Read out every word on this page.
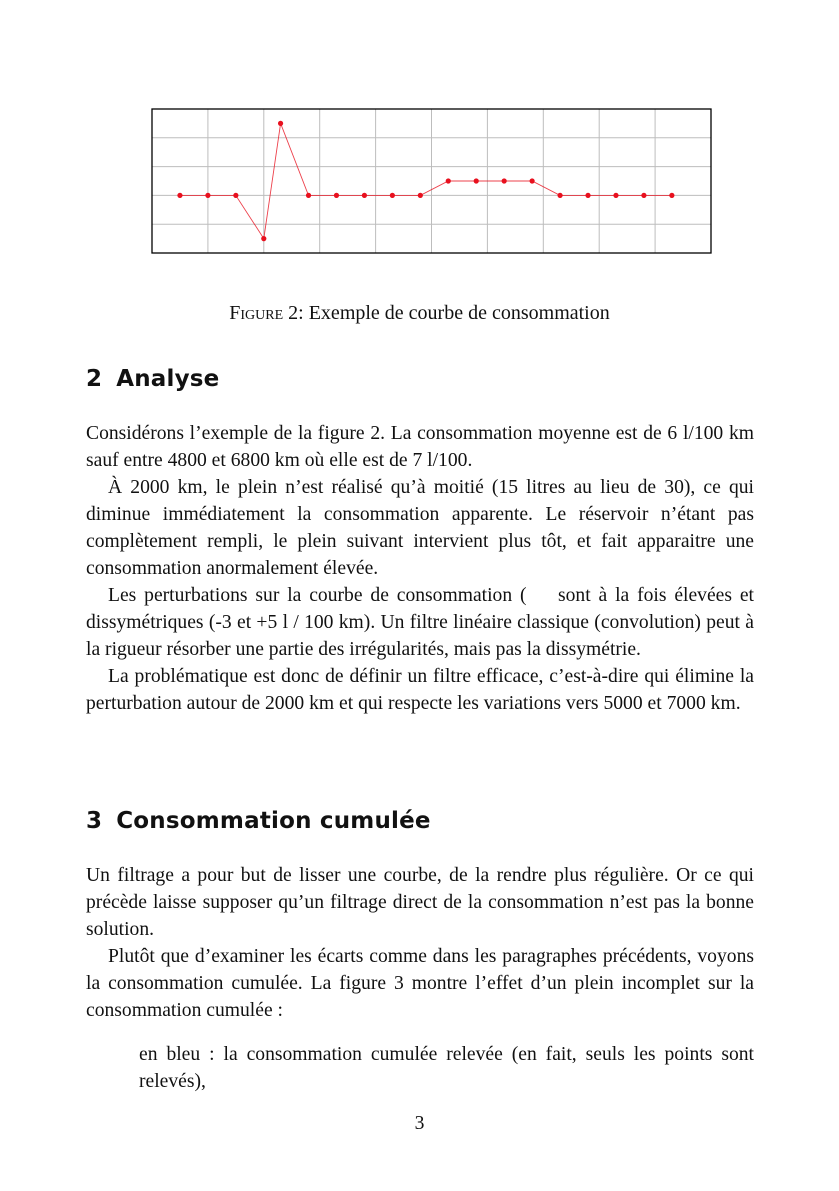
Figure 2: Exemple de courbe de consommation
2 Analyse

Considérons l’exemple de la figure 2. La consommation moyenne est de 6 l/100 km sauf entre 4800 et 6800 km où elle est de 7 l/100.

À 2000 km, le plein n’est réalisé qu’à moitié (15 litres au lieu de 30), ce qui diminue immédiatement la consommation apparente. Le réservoir n’étant pas complètement rempli, le plein suivant intervient plus tôt, et fait apparaitre une consommation anormalement élevée.

Les perturbations sur la courbe de consommation (    sont à la fois élevées et dissymétriques (-3 et +5 l / 100 km). Un filtre linéaire classique (convolution) peut à la rigueur résorber une partie des irrégularités, mais pas la dissymétrie.

La problématique est donc de définir un filtre efficace, c’est-à-dire qui élimine la perturbation autour de 2000 km et qui respecte les variations vers 5000 et 7000 km.

3 Consommation cumulée

Un filtrage a pour but de lisser une courbe, de la rendre plus régulière. Or ce qui précède laisse supposer qu’un filtrage direct de la consommation n’est pas la bonne solution.

Plutôt que d’examiner les écarts comme dans les paragraphes précédents, voyons la consommation cumulée. La figure 3 montre l’effet d’un plein incomplet sur la consommation cumulée :

en bleu : la consommation cumulée relevée (en fait, seuls les points sont relevés),
3
